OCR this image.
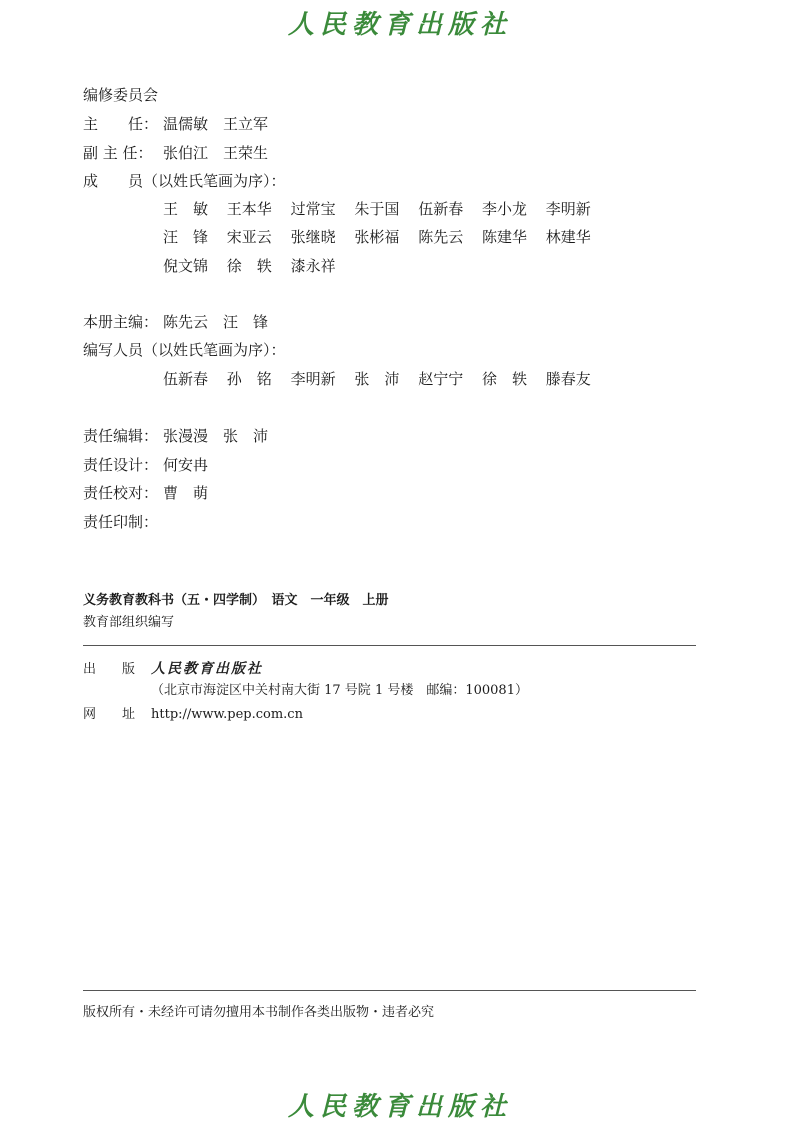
人民教育出版社
编修委员会
主　　任： 温儒敏　王立军
副 主 任： 张伯江　王荣生
成　　员（以姓氏笔画为序）：
王　敏 王本华 过常宝 朱于国 伍新春 李小龙 李明新
汪　锋 宋亚云 张继晓 张彬福 陈先云 陈建华 林建华
倪文锦 徐　轶 漆永祥
本册主编： 陈先云　汪　锋
编写人员（以姓氏笔画为序）：
伍新春 孙　铭 李明新 张　沛 赵宁宁 徐　轶 滕春友
责任编辑： 张漫漫　张　沛
责任设计： 何安冉
责任校对： 曹　萌
责任印制：
义务教育教科书（五・四学制）　语文　一年级　上册
教育部组织编写
出　　版 人民教育出版社
（北京市海淀区中关村南大街 17 号院 1 号楼　邮编：100081）
网　　址 http://www.pep.com.cn
版权所有・未经许可请勿擅用本书制作各类出版物・违者必究
人民教育出版社
